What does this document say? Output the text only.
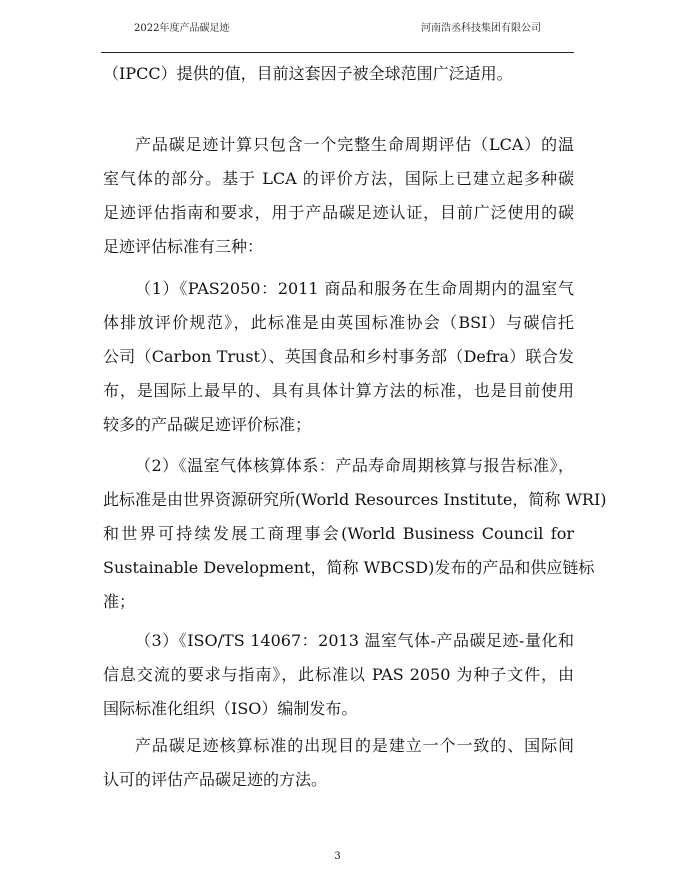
2022年度产品碳足迹	河南浩丞科技集团有限公司
（IPCC）提供的值，目前这套因子被全球范围广泛适用。
产品碳足迹计算只包含一个完整生命周期评估（LCA）的温
室气体的部分。基于 LCA 的评价方法，国际上已建立起多种碳
足迹评估指南和要求，用于产品碳足迹认证，目前广泛使用的碳
足迹评估标准有三种：
（1）《PAS2050：2011 商品和服务在生命周期内的温室气
体排放评价规范》，此标准是由英国标准协会（BSI）与碳信托
公司（Carbon Trust）、英国食品和乡村事务部（Defra）联合发
布，是国际上最早的、具有具体计算方法的标准，也是目前使用
较多的产品碳足迹评价标准；
（2）《温室气体核算体系：产品寿命周期核算与报告标准》，
此标准是由世界资源研究所(World Resources Institute，简称 WRI)
和世界可持续发展工商理事会(World Business Council for
Sustainable Development，简称 WBCSD)发布的产品和供应链标
准；
（3）《ISO/TS 14067：2013 温室气体-产品碳足迹-量化和
信息交流的要求与指南》，此标准以 PAS 2050 为种子文件，由
国际标准化组织（ISO）编制发布。
产品碳足迹核算标准的出现目的是建立一个一致的、国际间
认可的评估产品碳足迹的方法。
3
